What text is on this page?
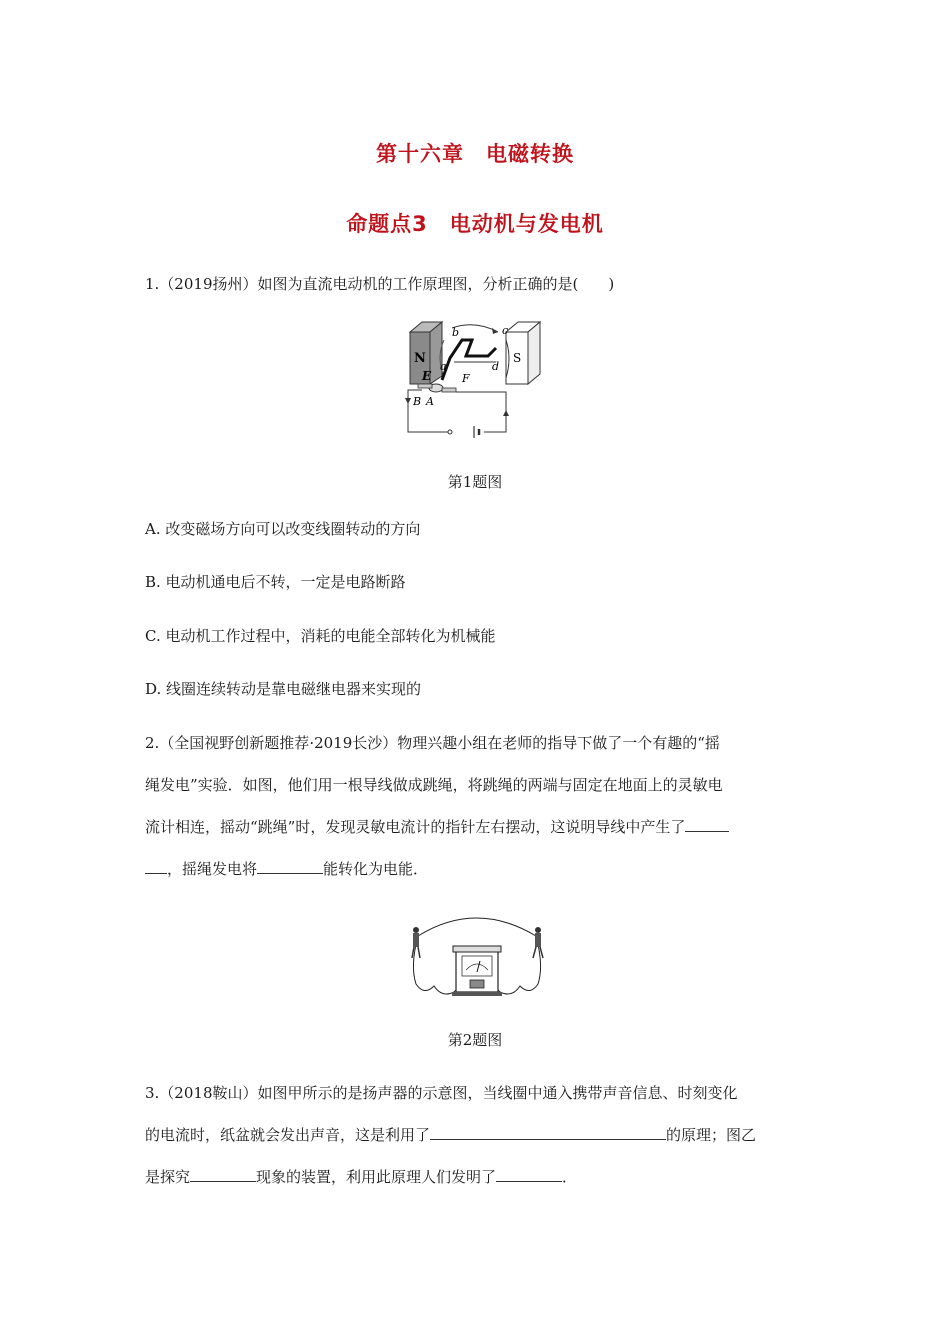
第十六章　电磁转换
命题点3　电动机与发电机
1.（2019扬州）如图为直流电动机的工作原理图，分析正确的是(　　)
N	S
E	F
a
b	c
d
A
B
第1题图
A. 改变磁场方向可以改变线圈转动的方向
B. 电动机通电后不转，一定是电路断路
C. 电动机工作过程中，消耗的电能全部转化为机械能
D. 线圈连续转动是靠电磁继电器来实现的
2.（全国视野创新题推荐·2019长沙）物理兴趣小组在老师的指导下做了一个有趣的“摇
绳发电”实验．如图，他们用一根导线做成跳绳，将跳绳的两端与固定在地面上的灵敏电
流计相连，摇动“跳绳”时，发现灵敏电流计的指针左右摆动，这说明导线中产生了
，摇绳发电将	能转化为电能．
第2题图
3.（2018鞍山）如图甲所示的是扬声器的示意图，当线圈中通入携带声音信息、时刻变化
的电流时，纸盆就会发出声音，这是利用了	的原理；图乙
是探究	现象的装置，利用此原理人们发明了	．
